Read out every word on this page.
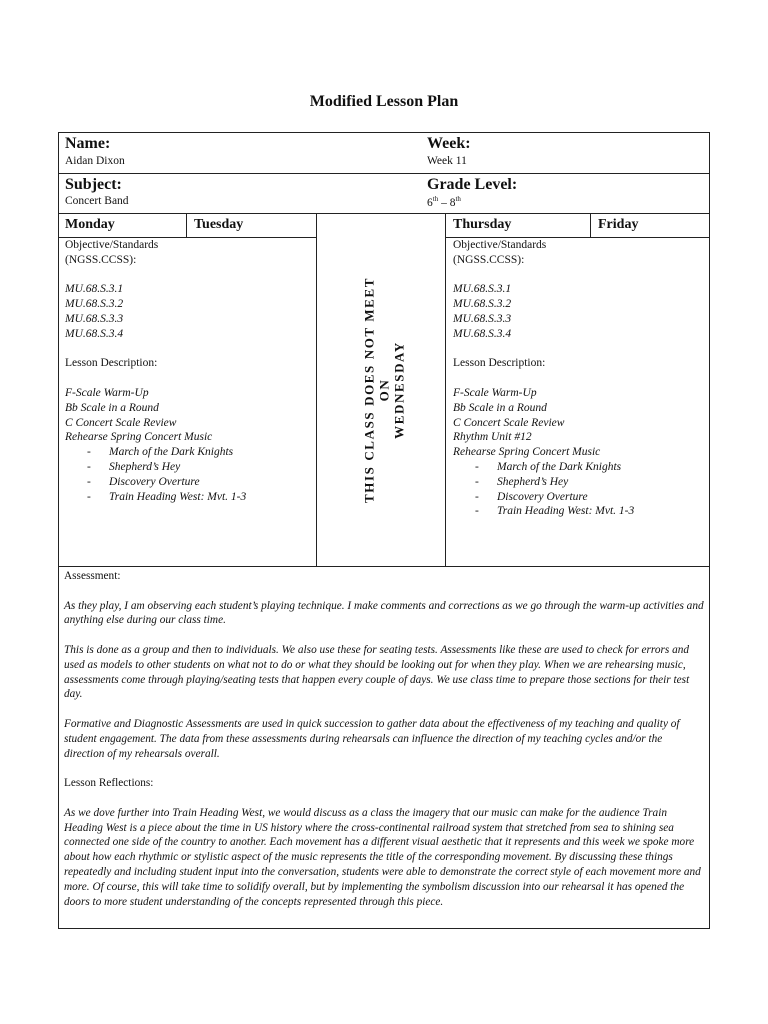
Modified Lesson Plan
Name:
Aidan Dixon
Week:
Week 11
Subject:
Concert Band
Grade Level:
6th – 8th
Monday	Tuesday	Thursday	Friday
Objective/Standards
(NGSS.CCSS):
MU.68.S.3.1
MU.68.S.3.2
MU.68.S.3.3
MU.68.S.3.4
Lesson Description:
F-Scale Warm-Up
Bb Scale in a Round
C Concert Scale Review
Rehearse Spring Concert Music
- March of the Dark Knights
- Shepherd’s Hey
- Discovery Overture
- Train Heading West: Mvt. 1-3	THIS CLASS DOES NOT MEET ON WEDNESDAY
Objective/Standards
(NGSS.CCSS):
MU.68.S.3.1
MU.68.S.3.2
MU.68.S.3.3
MU.68.S.3.4
Lesson Description:
F-Scale Warm-Up
Bb Scale in a Round
C Concert Scale Review
Rhythm Unit #12
Rehearse Spring Concert Music
- March of the Dark Knights
- Shepherd’s Hey
- Discovery Overture
- Train Heading West: Mvt. 1-3

Assessment:

As they play, I am observing each student’s playing technique. I make comments and corrections as we go through the warm-up activities and anything else during our class time.

This is done as a group and then to individuals. We also use these for seating tests. Assessments like these are used to check for errors and used as models to other students on what not to do or what they should be looking out for when they play. When we are rehearsing music, assessments come through playing/seating tests that happen every couple of days. We use class time to prepare those sections for their test day.

Formative and Diagnostic Assessments are used in quick succession to gather data about the effectiveness of my teaching and quality of student engagement. The data from these assessments during rehearsals can influence the direction of my teaching cycles and/or the direction of my rehearsals overall.

Lesson Reflections:

As we dove further into Train Heading West, we would discuss as a class the imagery that our music can make for the audience Train Heading West is a piece about the time in US history where the cross-continental railroad system that stretched from sea to shining sea connected one side of the country to another. Each movement has a different visual aesthetic that it represents and this week we spoke more about how each rhythmic or stylistic aspect of the music represents the title of the corresponding movement. By discussing these things repeatedly and including student input into the conversation, students were able to demonstrate the correct style of each movement more and more. Of course, this will take time to solidify overall, but by implementing the symbolism discussion into our rehearsal it has opened the doors to more student understanding of the concepts represented through this piece.
